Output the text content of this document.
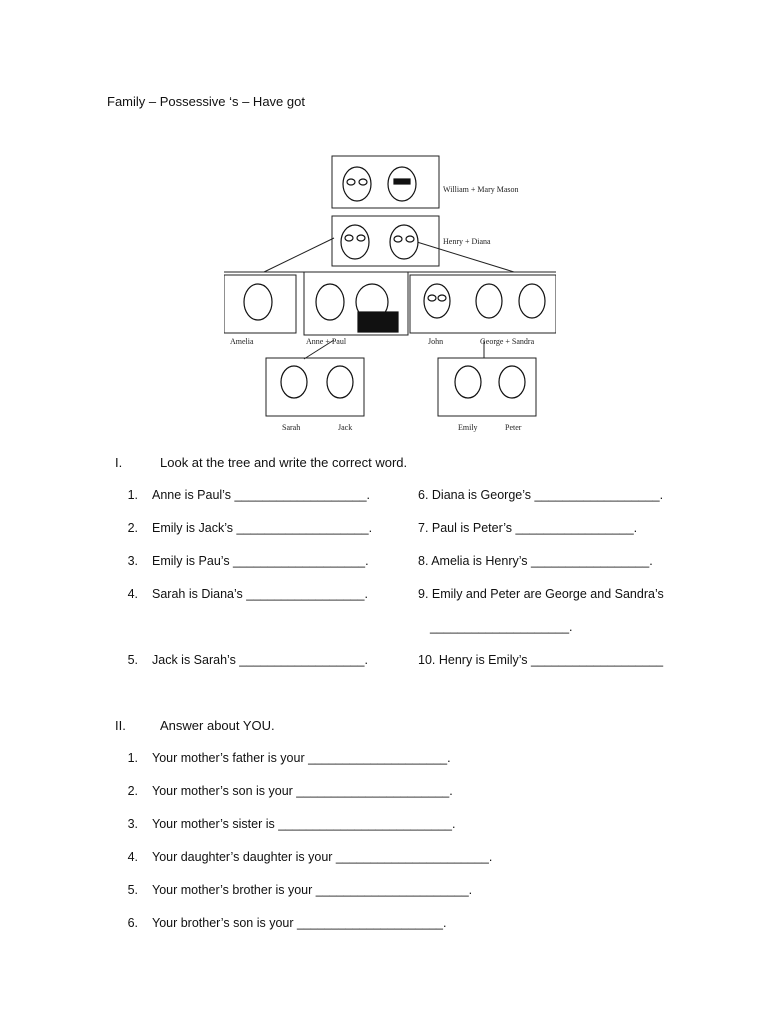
Family – Possessive ‘s – Have got
William + Mary Mason
Henry + Diana
Amelia	Anne + Paul	John	George + Sandra
Sarah	Jack	Emily	Peter
I.	Look at the tree and write the correct word.
1. Anne is Paul’s ___________________.
2. Emily is Jack’s ___________________.
3. Emily is Pau’s ___________________.
4. Sarah is Diana’s _________________.
5. Jack is Sarah’s __________________.
6. Diana is George’s __________________.
7. Paul is Peter’s _________________.
8. Amelia is Henry’s _________________.
9. Emily and Peter are George and Sandra’s
____________________.
10. Henry is Emily’s ___________________
II.	Answer about YOU.
1. Your mother’s father is your ____________________.
2. Your mother’s son is your ______________________.
3. Your mother’s sister is _________________________.
4. Your daughter’s daughter is your ______________________.
5. Your mother’s brother is your ______________________.
6. Your brother’s son is your _____________________.
